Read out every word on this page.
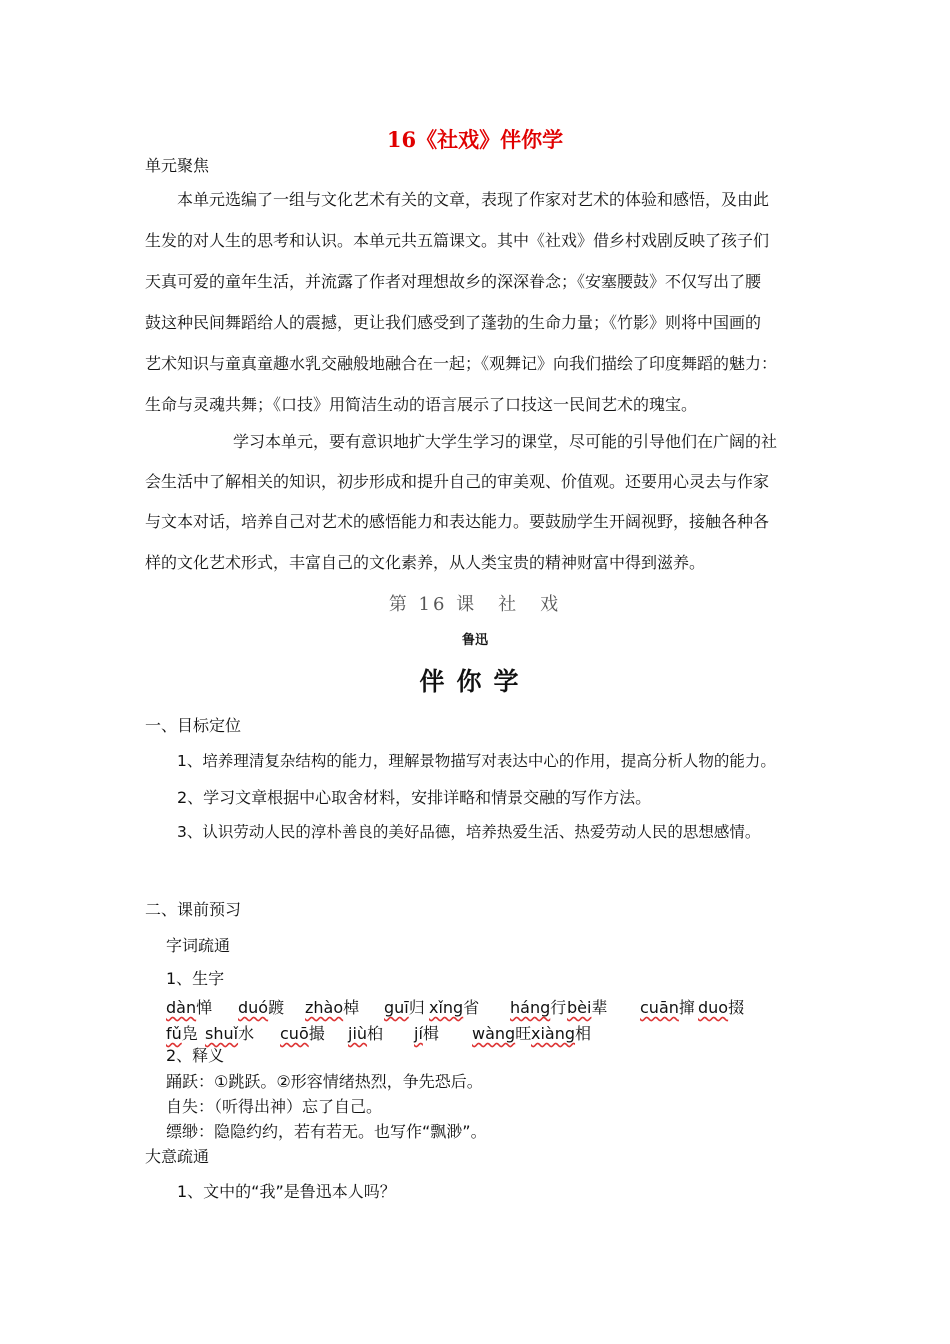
16《社戏》伴你学
单元聚焦
本单元选编了一组与文化艺术有关的文章，表现了作家对艺术的体验和感悟，及由此
生发的对人生的思考和认识。本单元共五篇课文。其中《社戏》借乡村戏剧反映了孩子们
天真可爱的童年生活，并流露了作者对理想故乡的深深眷念；《安塞腰鼓》不仅写出了腰
鼓这种民间舞蹈给人的震撼，更让我们感受到了蓬勃的生命力量；《竹影》则将中国画的
艺术知识与童真童趣水乳交融般地融合在一起；《观舞记》向我们描绘了印度舞蹈的魅力：
生命与灵魂共舞；《口技》用简洁生动的语言展示了口技这一民间艺术的瑰宝。
学习本单元，要有意识地扩大学生学习的课堂，尽可能的引导他们在广阔的社
会生活中了解相关的知识，初步形成和提升自己的审美观、价值观。还要用心灵去与作家
与文本对话，培养自己对艺术的感悟能力和表达能力。要鼓励学生开阔视野，接触各种各
样的文化艺术形式，丰富自己的文化素养，从人类宝贵的精神财富中得到滋养。
第 16 课　社　戏
鲁迅
伴你学
一、目标定位
1、培养理清复杂结构的能力，理解景物描写对表达中心的作用，提高分析人物的能力。
2、学习文章根据中心取舍材料，安排详略和情景交融的写作方法。
3、认识劳动人民的淳朴善良的美好品德，培养热爱生活、热爱劳动人民的思想感情。
二、课前预习
字词疏通
1、生字
dàn惮 duó踱 zhào棹 guī归 xǐng省 háng行 bèi辈 cuān撺 duo掇
fǔ凫 shuǐ水 cuō撮 jiù桕 jí楫 wàng旺 xiàng相
2、释义
踊跃：①跳跃。②形容情绪热烈，争先恐后。
自失：（听得出神）忘了自己。
缥缈：隐隐约约，若有若无。也写作“飘渺”。
大意疏通
1、文中的“我”是鲁迅本人吗？
